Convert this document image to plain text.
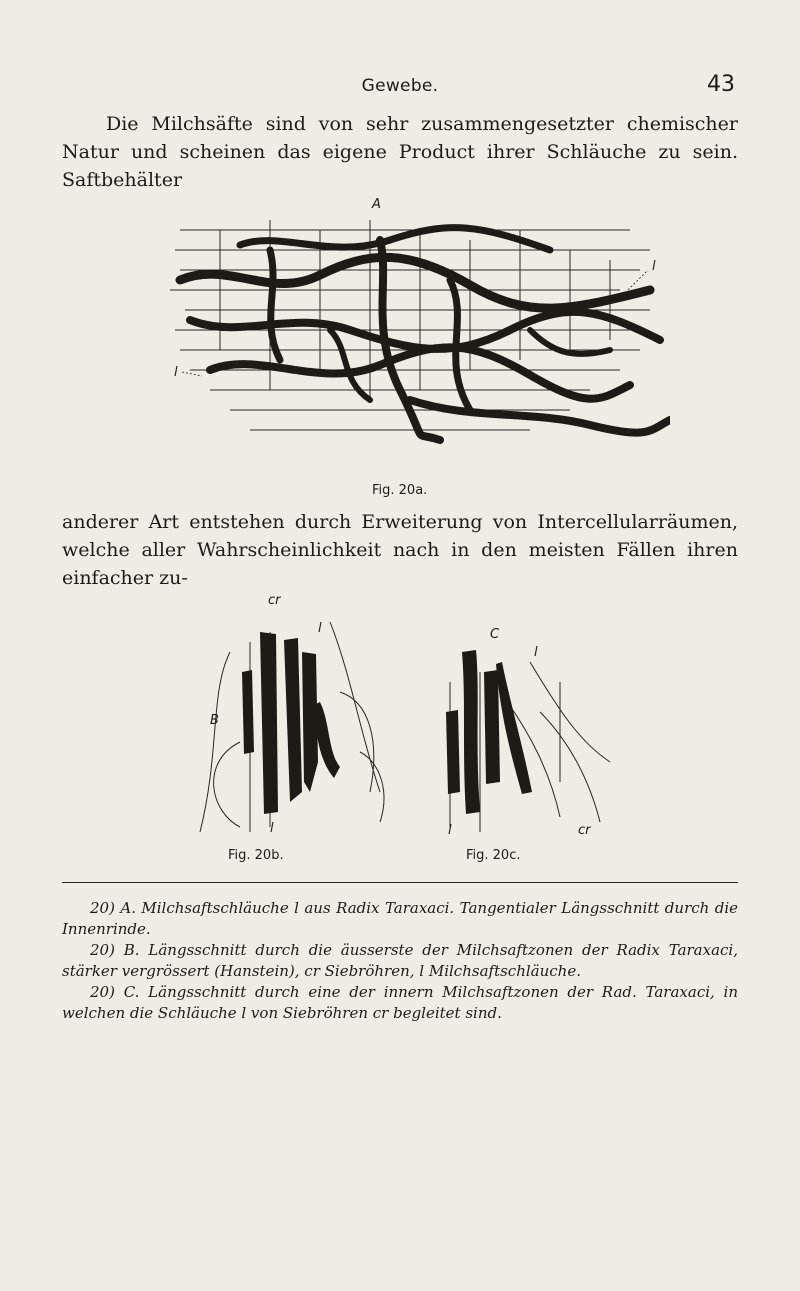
Gewebe.	43

Die Milchsäfte sind von sehr zusammengesetzter chemischer Natur und scheinen das eigene Product ihrer Schläuche zu sein. Saftbehälter

A
l
l
Fig. 20a.

anderer Art entstehen durch Erweiterung von Intercellularräumen, welche aller Wahrscheinlichkeit nach in den meisten Fällen ihren einfacher zu-

cr
l
B
l
C
l
l	cr
Fig. 20b.	Fig. 20c.

20) A. Milchsaftschläuche l aus Radix Taraxaci. Tangentialer Längsschnitt durch die Innenrinde.

20) B. Längsschnitt durch die äusserste der Milchsaftzonen der Radix Taraxaci, stärker vergrössert (Hanstein), cr Siebröhren, l Milchsaftschläuche.

20) C. Längsschnitt durch eine der innern Milchsaftzonen der Rad. Taraxaci, in welchen die Schläuche l von Siebröhren cr begleitet sind.
